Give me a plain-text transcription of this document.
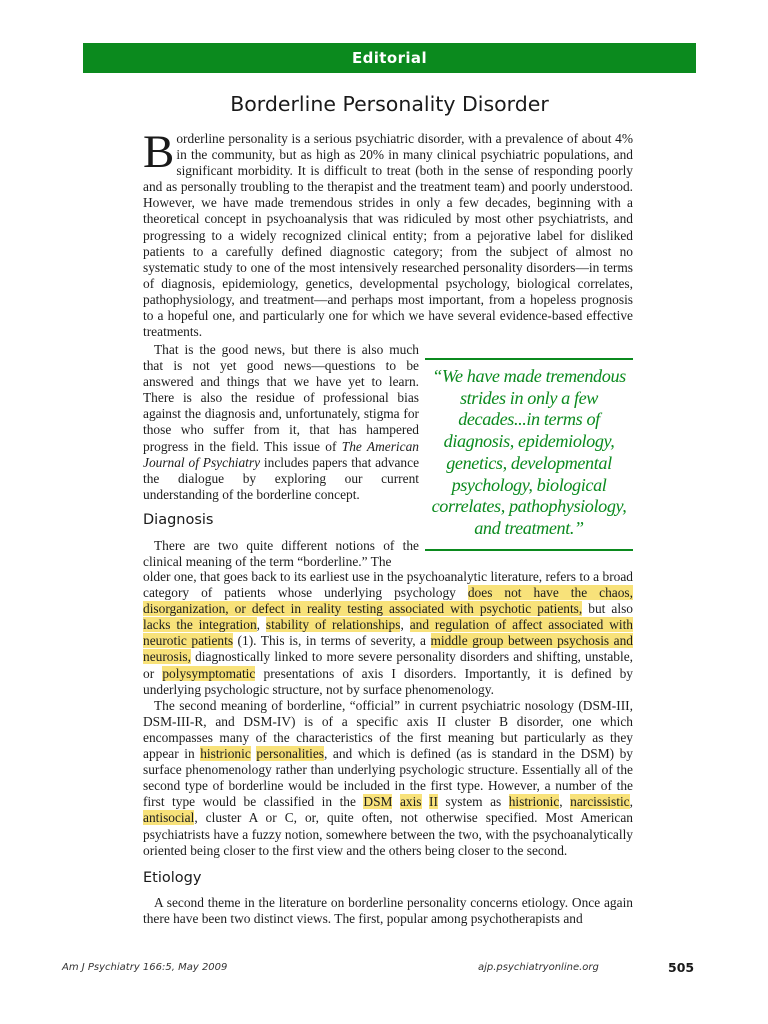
Editorial
Borderline Personality Disorder
B orderline personality is a serious psychiatric disorder, with a prevalence of about 4% in the community, but as high as 20% in many clinical psychiatric populations, and significant morbidity. It is difficult to treat (both in the sense of responding poorly and as personally troubling to the therapist and the treatment team) and poorly understood. However, we have made tremendous strides in only a few decades, beginning with a theoretical concept in psychoanalysis that was ridiculed by most other psychiatrists, and progressing to a widely recognized clinical entity; from a pejorative label for disliked patients to a carefully defined diagnostic category; from the subject of almost no systematic study to one of the most intensively researched personality disorders—in terms of diagnosis, epidemiology, genetics, developmental psychology, biological correlates, pathophysiology, and treatment—and perhaps most important, from a hopeless prognosis to a hopeful one, and particularly one for which we have several evidence-based effective treatments.

That is the good news, but there is also much that is not yet good news—questions to be answered and things that we have yet to learn. There is also the residue of professional bias against the diagnosis and, unfortunately, stigma for those who suffer from it, that has hampered progress in the field. This issue of The American Journal of Psychiatry includes papers that advance the dialogue by exploring our current understanding of the borderline concept.

“We have made tremendous strides in only a few decades...in terms of diagnosis, epidemiology, genetics, developmental psychology, biological correlates, pathophysiology, and treatment.”
Diagnosis

There are two quite different notions of the clinical meaning of the term “borderline.” The

older one, that goes back to its earliest use in the psychoanalytic literature, refers to a broad category of patients whose underlying psychology does not have the chaos, disorganization, or defect in reality testing associated with psychotic patients, but also lacks the integration, stability of relationships, and regulation of affect associated with neurotic patients (1). This is, in terms of severity, a middle group between psychosis and neurosis, diagnostically linked to more severe personality disorders and shifting, unstable, or polysymptomatic presentations of axis I disorders. Importantly, it is defined by underlying psychologic structure, not by surface phenomenology.

The second meaning of borderline, “official” in current psychiatric nosology (DSM-III, DSM-III-R, and DSM-IV) is of a specific axis II cluster B disorder, one which encompasses many of the characteristics of the first meaning but particularly as they appear in histrionic personalities, and which is defined (as is standard in the DSM) by surface phenomenology rather than underlying psychologic structure. Essentially all of the second type of borderline would be included in the first type. However, a number of the first type would be classified in the DSM axis II system as histrionic, narcissistic, antisocial, cluster A or C, or, quite often, not otherwise specified. Most American psychiatrists have a fuzzy notion, somewhere between the two, with the psychoanalytically oriented being closer to the first view and the others being closer to the second.

Etiology

A second theme in the literature on borderline personality concerns etiology. Once again there have been two distinct views. The first, popular among psychotherapists and

Am J Psychiatry 166:5, May 2009	ajp.psychiatryonline.org	505
